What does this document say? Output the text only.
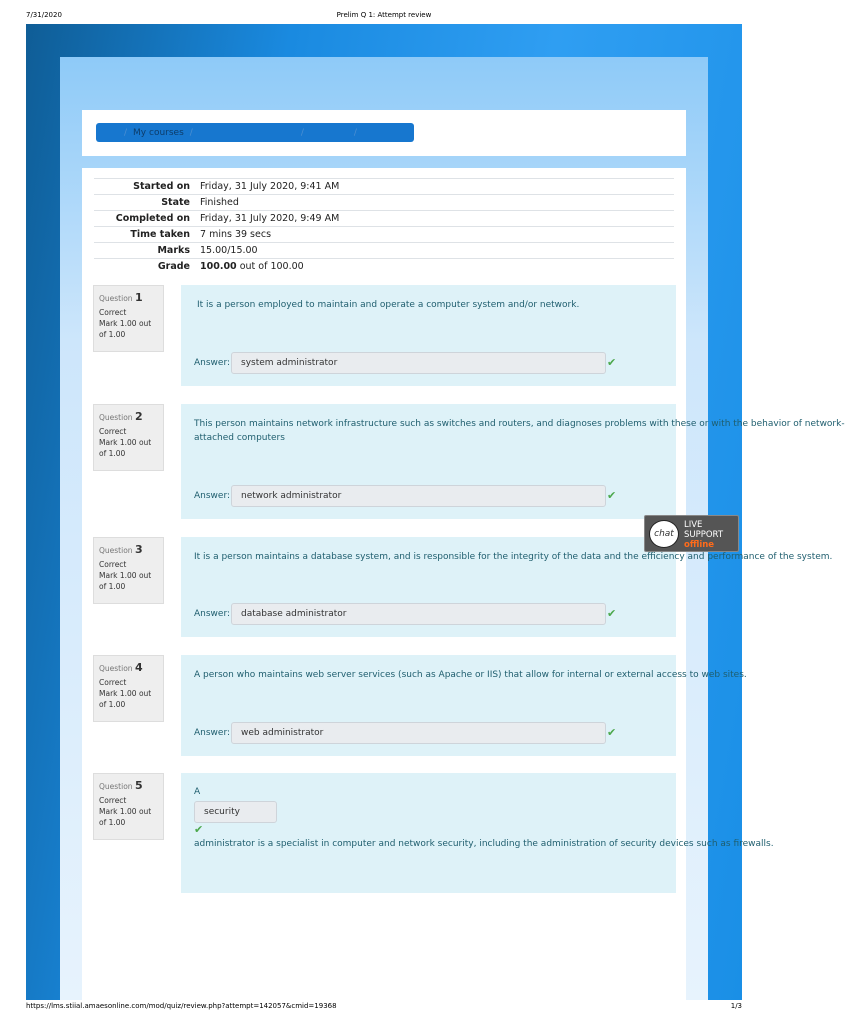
7/31/2020	Prelim Q 1: Attempt review
/ My courses /	/	/
Started on	Friday, 31 July 2020, 9:41 AM
State	Finished
Completed on	Friday, 31 July 2020, 9:49 AM
Time taken	7 mins 39 secs
Marks	15.00/15.00
Grade	100.00 out of 100.00
Question 1
Correct
Mark 1.00 out of 1.00
It is a person employed to maintain and operate a computer system and/or network.
Answer:	system administrator	✔
Question 2
Correct
Mark 1.00 out of 1.00
This person maintains network infrastructure such as switches and routers, and diagnoses problems with these or with the behavior of network-
attached computers
Answer:	network administrator	✔
Question 3
Correct
Mark 1.00 out of 1.00
It is a person maintains a database system, and is responsible for the integrity of the data and the efficiency and performance of the system.
Answer:	database administrator	✔
Question 4
Correct
Mark 1.00 out of 1.00
A person who maintains web server services (such as Apache or IIS) that allow for internal or external access to web sites.
Answer:	web administrator	✔
Question 5
Correct
Mark 1.00 out of 1.00
A
security
✔
administrator is a specialist in computer and network security, including the administration of security devices such as firewalls.
chat
LIVE
SUPPORT
offline
https://lms.stiial.amaesonline.com/mod/quiz/review.php?attempt=142057&cmid=19368	1/3
